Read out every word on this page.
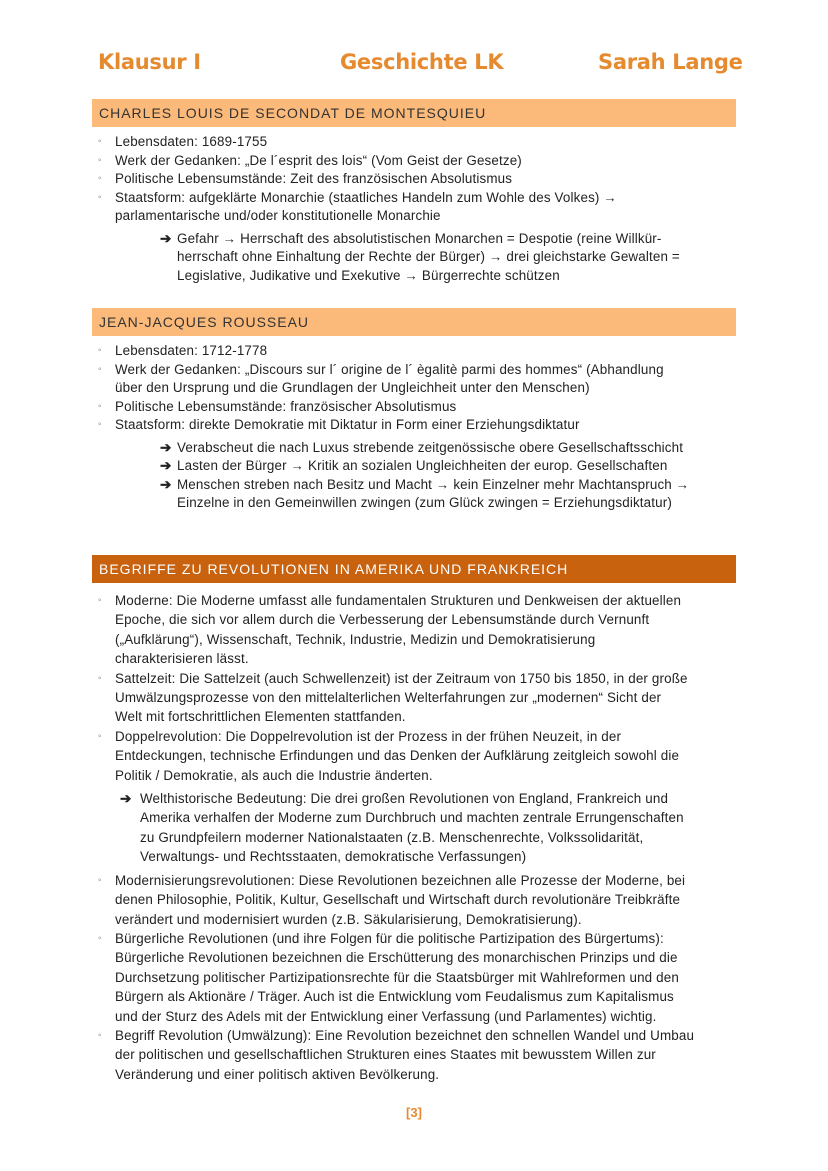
Klausur I	Geschichte LK	Sarah Lange
CHARLES LOUIS DE SECONDAT DE MONTESQUIEU
◦ Lebensdaten: 1689-1755
◦ Werk der Gedanken: „De l´esprit des lois“ (Vom Geist der Gesetze)
◦ Politische Lebensumstände: Zeit des französischen Absolutismus
◦ Staatsform: aufgeklärte Monarchie (staatliches Handeln zum Wohle des Volkes) →
parlamentarische und/oder konstitutionelle Monarchie
➔ Gefahr → Herrschaft des absolutistischen Monarchen = Despotie (reine Willkür-
herrschaft ohne Einhaltung der Rechte der Bürger) → drei gleichstarke Gewalten =
Legislative, Judikative und Exekutive → Bürgerrechte schützen
JEAN-JACQUES ROUSSEAU
◦ Lebensdaten: 1712-1778
◦ Werk der Gedanken: „Discours sur l´ origine de l´ ègalitè parmi des hommes“ (Abhandlung
über den Ursprung und die Grundlagen der Ungleichheit unter den Menschen)
◦ Politische Lebensumstände: französischer Absolutismus
◦ Staatsform: direkte Demokratie mit Diktatur in Form einer Erziehungsdiktatur
➔ Verabscheut die nach Luxus strebende zeitgenössische obere Gesellschaftsschicht
➔ Lasten der Bürger → Kritik an sozialen Ungleichheiten der europ. Gesellschaften
➔ Menschen streben nach Besitz und Macht → kein Einzelner mehr Machtanspruch →
Einzelne in den Gemeinwillen zwingen (zum Glück zwingen = Erziehungsdiktatur)
BEGRIFFE ZU REVOLUTIONEN IN AMERIKA UND FRANKREICH
◦ Moderne: Die Moderne umfasst alle fundamentalen Strukturen und Denkweisen der aktuellen
Epoche, die sich vor allem durch die Verbesserung der Lebensumstände durch Vernunft
(„Aufklärung“), Wissenschaft, Technik, Industrie, Medizin und Demokratisierung
charakterisieren lässt.
◦ Sattelzeit: Die Sattelzeit (auch Schwellenzeit) ist der Zeitraum von 1750 bis 1850, in der große
Umwälzungsprozesse von den mittelalterlichen Welterfahrungen zur „modernen“ Sicht der
Welt mit fortschrittlichen Elementen stattfanden.
◦ Doppelrevolution: Die Doppelrevolution ist der Prozess in der frühen Neuzeit, in der
Entdeckungen, technische Erfindungen und das Denken der Aufklärung zeitgleich sowohl die
Politik / Demokratie, als auch die Industrie änderten.
➔ Welthistorische Bedeutung: Die drei großen Revolutionen von England, Frankreich und
Amerika verhalfen der Moderne zum Durchbruch und machten zentrale Errungenschaften
zu Grundpfeilern moderner Nationalstaaten (z.B. Menschenrechte, Volkssolidarität,
Verwaltungs- und Rechtsstaaten, demokratische Verfassungen)
◦ Modernisierungsrevolutionen: Diese Revolutionen bezeichnen alle Prozesse der Moderne, bei
denen Philosophie, Politik, Kultur, Gesellschaft und Wirtschaft durch revolutionäre Treibkräfte
verändert und modernisiert wurden (z.B. Säkularisierung, Demokratisierung).
◦ Bürgerliche Revolutionen (und ihre Folgen für die politische Partizipation des Bürgertums):
Bürgerliche Revolutionen bezeichnen die Erschütterung des monarchischen Prinzips und die
Durchsetzung politischer Partizipationsrechte für die Staatsbürger mit Wahlreformen und den
Bürgern als Aktionäre / Träger. Auch ist die Entwicklung vom Feudalismus zum Kapitalismus
und der Sturz des Adels mit der Entwicklung einer Verfassung (und Parlamentes) wichtig.
◦ Begriff Revolution (Umwälzung): Eine Revolution bezeichnet den schnellen Wandel und Umbau
der politischen und gesellschaftlichen Strukturen eines Staates mit bewusstem Willen zur
Veränderung und einer politisch aktiven Bevölkerung.
[3]
